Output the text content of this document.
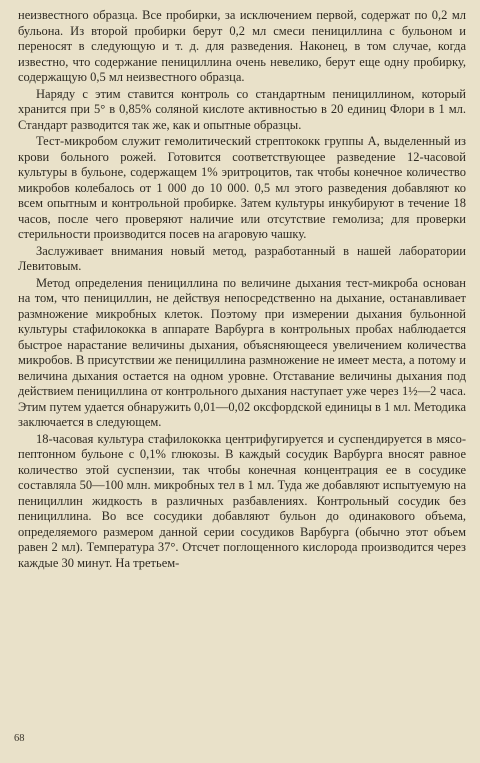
неизвестного образца. Все пробирки, за исключением первой, содержат по 0,2 мл бульона. Из второй пробирки берут 0,2 мл смеси пенициллина с бульоном и переносят в следующую и т. д. для разведения. Наконец, в том случае, когда известно, что содержание пенициллина очень невелико, берут еще одну пробирку, содержащую 0,5 мл неизвестного образца.

Наряду с этим ставится контроль со стандартным пенициллином, который хранится при 5° в 0,85% соляной кислоте активностью в 20 единиц Флори в 1 мл. Стандарт разводится так же, как и опытные образцы.

Тест-микробом служит гемолитический стрептококк группы А, выделенный из крови больного рожей. Готовится соответствующее разведение 12-часовой культуры в бульоне, содержащем 1% эритроцитов, так чтобы конечное количество микробов колебалось от 1 000 до 10 000. 0,5 мл этого разведения добавляют ко всем опытным и контрольной пробирке. Затем культуры инкубируют в течение 18 часов, после чего проверяют наличие или отсутствие гемолиза; для проверки стерильности производится посев на агаровую чашку.

Заслуживает внимания новый метод, разработанный в нашей лаборатории Левитовым.

Метод определения пенициллина по величине дыхания тест-микроба основан на том, что пенициллин, не действуя непосредственно на дыхание, останавливает размножение микробных клеток. Поэтому при измерении дыхания бульонной культуры стафилококка в аппарате Варбурга в контрольных пробах наблюдается быстрое нарастание величины дыхания, объясняющееся увеличением количества микробов. В присутствии же пенициллина размножение не имеет места, а потому и величина дыхания остается на одном уровне. Отставание величины дыхания под действием пенициллина от контрольного дыхания наступает уже через 1½—2 часа. Этим путем удается обнаружить 0,01—0,02 оксфордской единицы в 1 мл. Методика заключается в следующем.

18-часовая культура стафилококка центрифугируется и суспендируется в мясо-пептонном бульоне с 0,1% глюкозы. В каждый сосудик Варбурга вносят равное количество этой суспензии, так чтобы конечная концентрация ее в сосудике составляла 50—100 млн. микробных тел в 1 мл. Туда же добавляют испытуемую на пенициллин жидкость в различных разбавлениях. Контрольный сосудик без пенициллина. Во все сосудики добавляют бульон до одинакового объема, определяемого размером данной серии сосудиков Варбурга (обычно этот объем равен 2 мл). Температура 37°. Отсчет поглощенного кислорода производится через каждые 30 минут. На третьем-

68
